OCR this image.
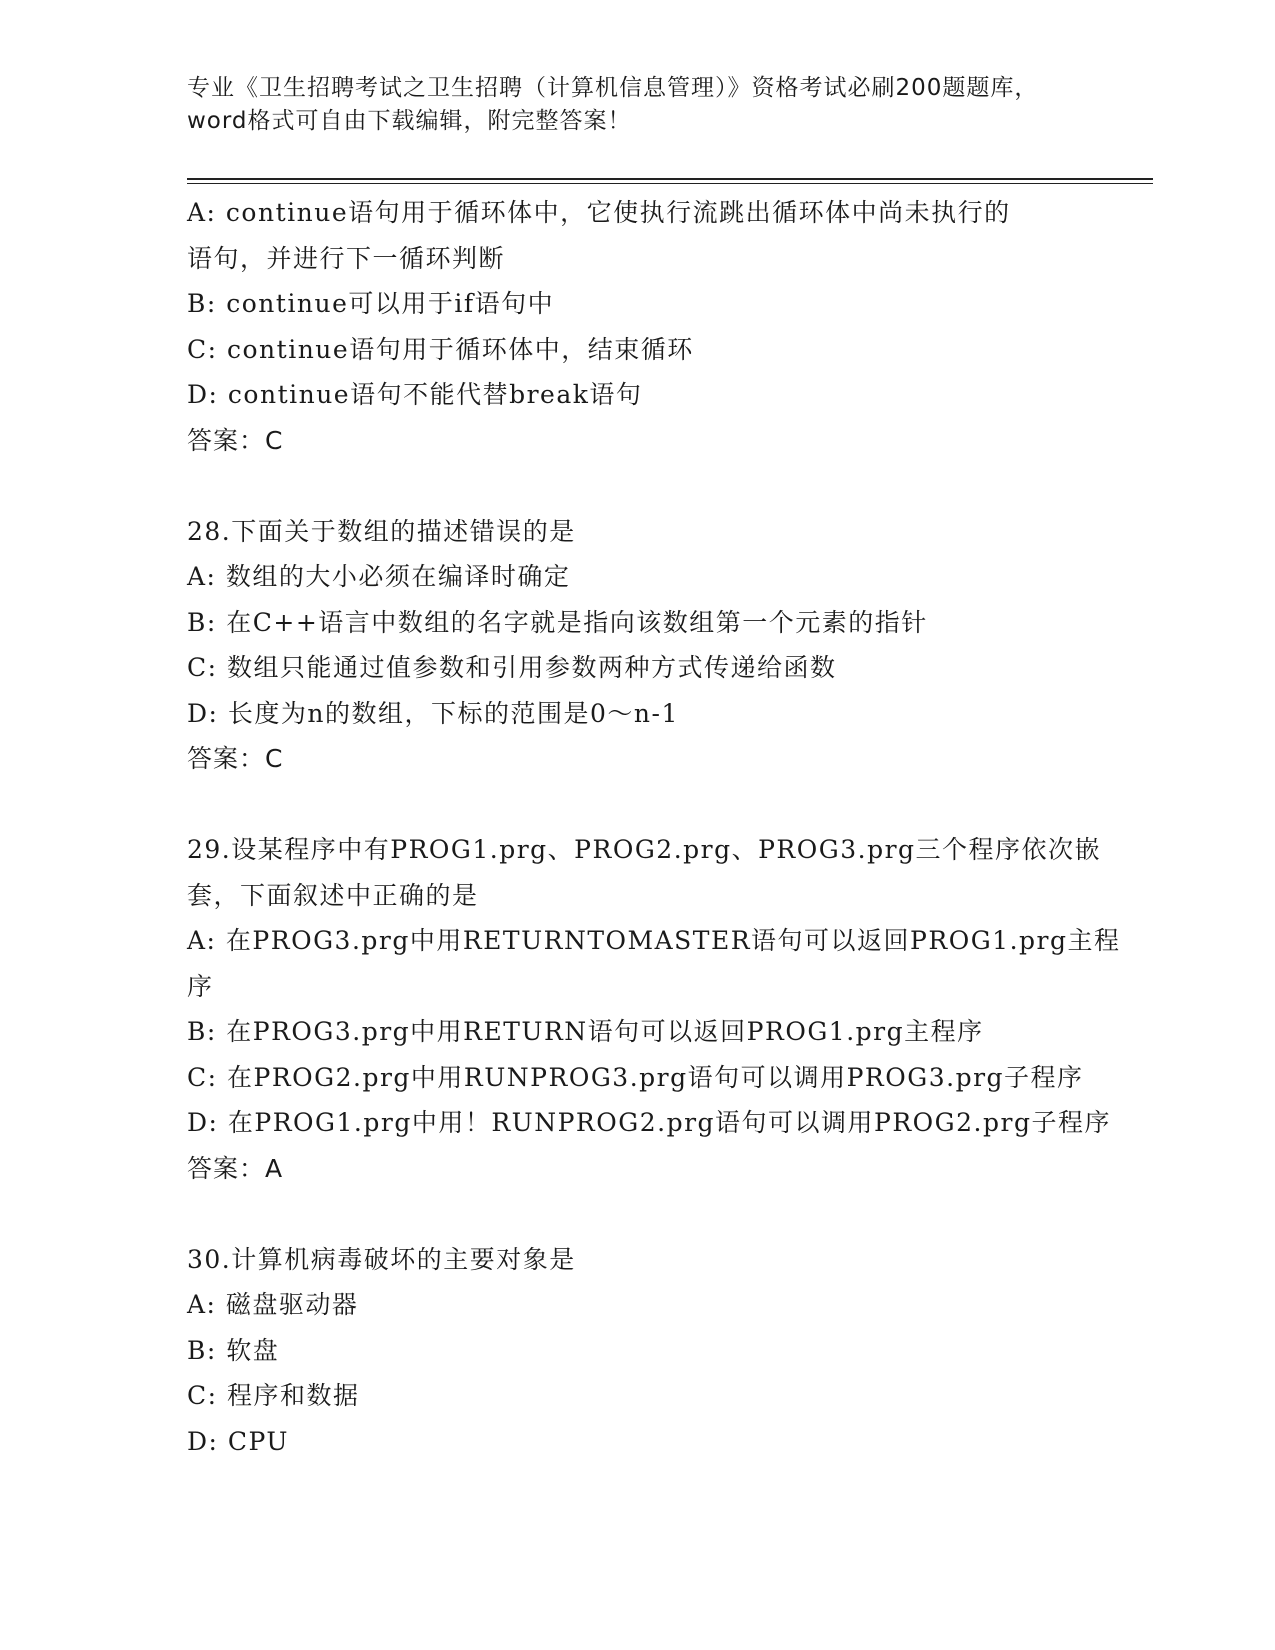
专业《卫生招聘考试之卫生招聘（计算机信息管理）》资格考试必刷200题题库，
word格式可自由下载编辑，附完整答案！
A: continue语句用于循环体中，它使执行流跳出循环体中尚未执行的
语句，并进行下一循环判断
B: continue可以用于if语句中
C: continue语句用于循环体中，结束循环
D: continue语句不能代替break语句
答案：C
28.下面关于数组的描述错误的是
A: 数组的大小必须在编译时确定
B: 在C++语言中数组的名字就是指向该数组第一个元素的指针
C: 数组只能通过值参数和引用参数两种方式传递给函数
D: 长度为n的数组，下标的范围是0～n-1
答案：C
29.设某程序中有PROG1.prg、PROG2.prg、PROG3.prg三个程序依次嵌
套，下面叙述中正确的是
A: 在PROG3.prg中用RETURNTOMASTER语句可以返回PROG1.prg主程
序
B: 在PROG3.prg中用RETURN语句可以返回PROG1.prg主程序
C: 在PROG2.prg中用RUNPROG3.prg语句可以调用PROG3.prg子程序
D: 在PROG1.prg中用！RUNPROG2.prg语句可以调用PROG2.prg子程序
答案：A
30.计算机病毒破坏的主要对象是
A: 磁盘驱动器
B: 软盘
C: 程序和数据
D: CPU
